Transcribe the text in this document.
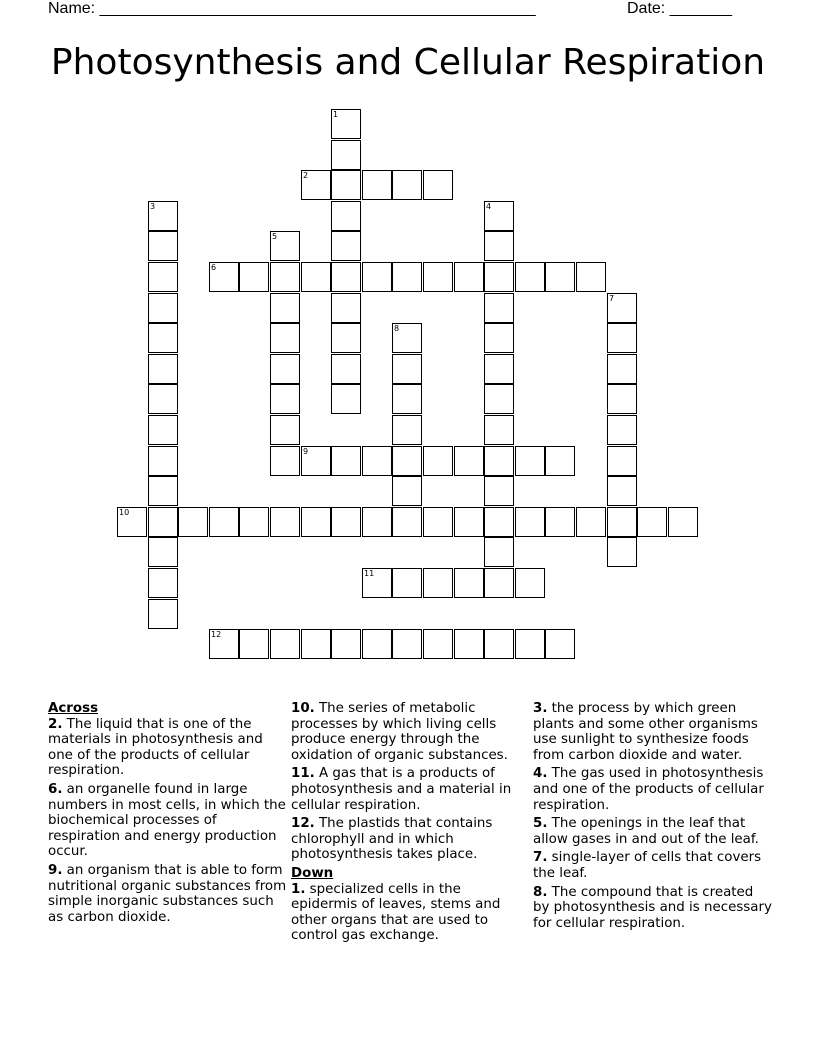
Name: _________________________________________________	Date: _______
Photosynthesis and Cellular Respiration
1
2
3	4
5
6
7
8
9
10
11
12
Across

2. The liquid that is one of the materials in photosynthesis and one of the products of cellular respiration.

6. an organelle found in large numbers in most cells, in which the biochemical processes of respiration and energy production occur.

9. an organism that is able to form nutritional organic substances from simple inorganic substances such as carbon dioxide.

10. The series of metabolic processes by which living cells produce energy through the oxidation of organic substances.

11. A gas that is a products of photosynthesis and a material in cellular respiration.

12. The plastids that contains chlorophyll and in which photosynthesis takes place.

Down

1. specialized cells in the epidermis of leaves, stems and other organs that are used to control gas exchange.

3. the process by which green plants and some other organisms use sunlight to synthesize foods from carbon dioxide and water.

4. The gas used in photosynthesis and one of the products of cellular respiration.

5. The openings in the leaf that allow gases in and out of the leaf.

7. single-layer of cells that covers the leaf.

8. The compound that is created by photosynthesis and is necessary for cellular respiration.
